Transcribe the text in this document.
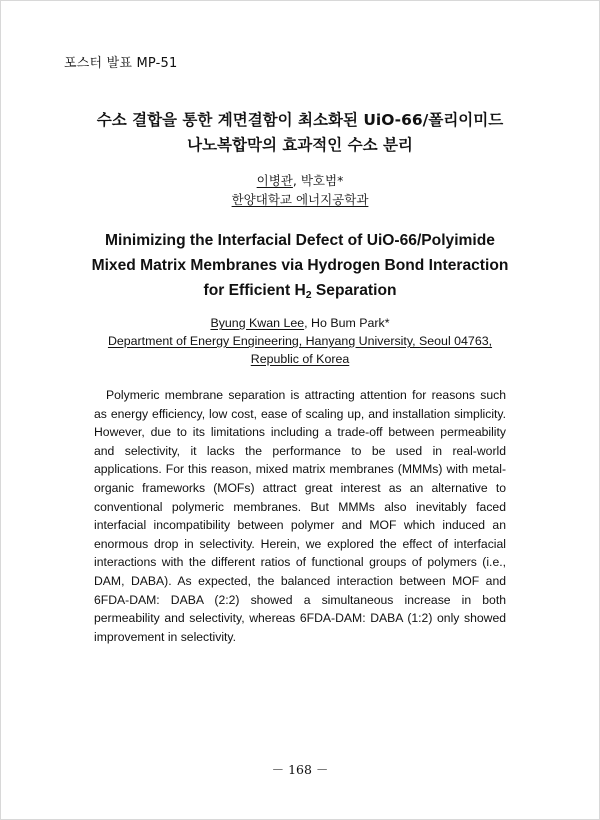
포스터 발표 MP-51
수소 결합을 통한 계면결함이 최소화된 UiO-66/폴리이미드
나노복합막의 효과적인 수소 분리
이병관, 박호범*
한양대학교 에너지공학과
Minimizing the Interfacial Defect of UiO-66/Polyimide
Mixed Matrix Membranes via Hydrogen Bond Interaction
for Efficient $H_2$ Separation
Byung Kwan Lee, Ho Bum Park*
Department of Energy Engineering, Hanyang University, Seoul 04763,
Republic of Korea

Polymeric membrane separation is attracting attention for reasons such as energy efficiency, low cost, ease of scaling up, and installation simplicity. However, due to its limitations including a trade-off between permeability and selectivity, it lacks the performance to be used in real-world applications. For this reason, mixed matrix membranes (MMMs) with metal-organic frameworks (MOFs) attract great interest as an alternative to conventional polymeric membranes. But MMMs also inevitably faced interfacial incompatibility between polymer and MOF which induced an enormous drop in selectivity. Herein, we explored the effect of interfacial interactions with the different ratios of functional groups of polymers (i.e., DAM, DABA). As expected, the balanced interaction between MOF and 6FDA-DAM: DABA (2:2) showed a simultaneous increase in both permeability and selectivity, whereas 6FDA-DAM: DABA (1:2) only showed improvement in selectivity.

－ 168 －
